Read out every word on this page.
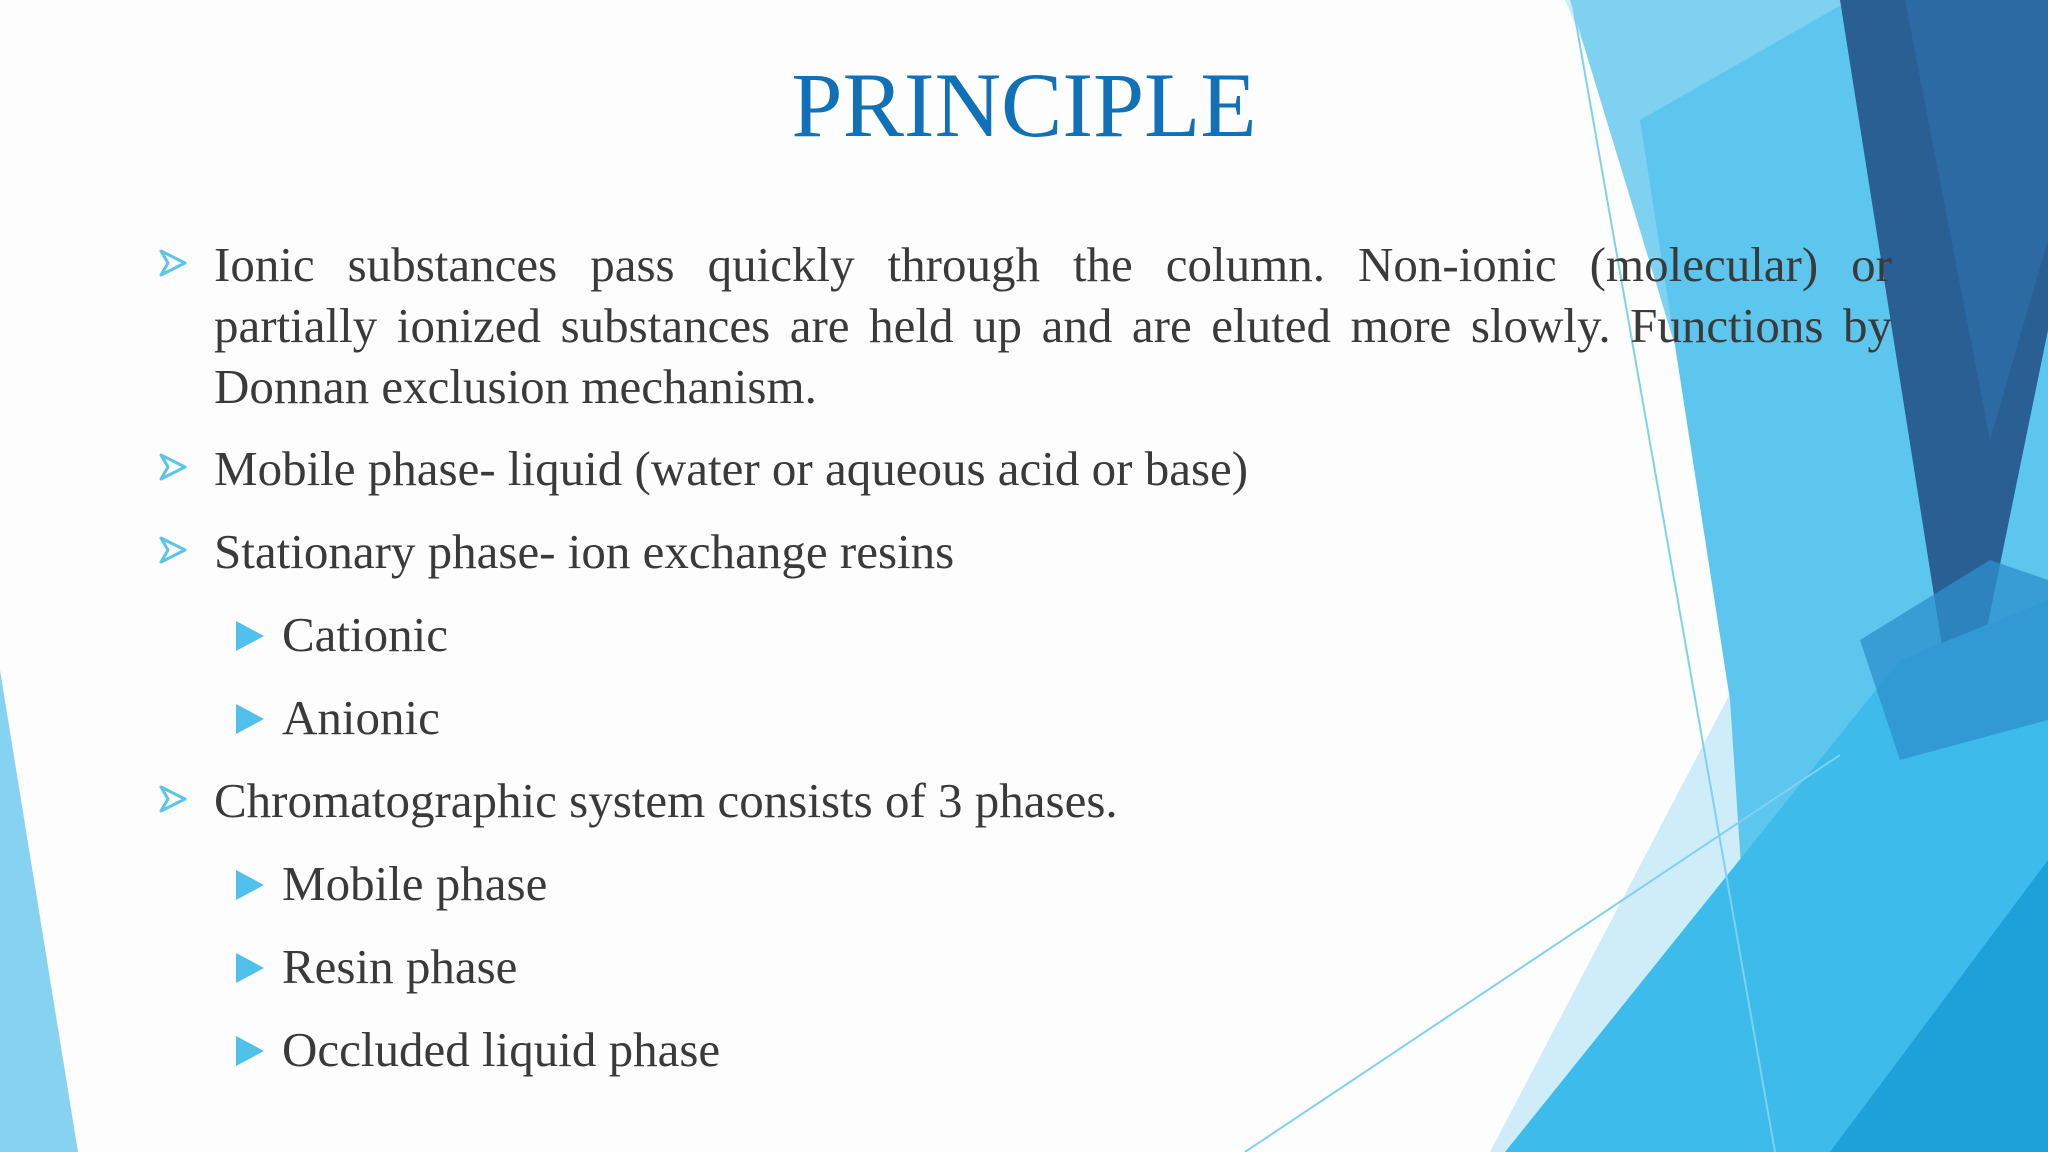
PRINCIPLE
Ionic substances pass quickly through the column. Non-ionic (molecular) or
partially ionized substances are held up and are eluted more slowly. Functions by
Donnan exclusion mechanism.
Mobile phase- liquid (water or aqueous acid or base)
Stationary phase- ion exchange resins
Cationic
Anionic
Chromatographic system consists of 3 phases.
Mobile phase
Resin phase
Occluded liquid phase
